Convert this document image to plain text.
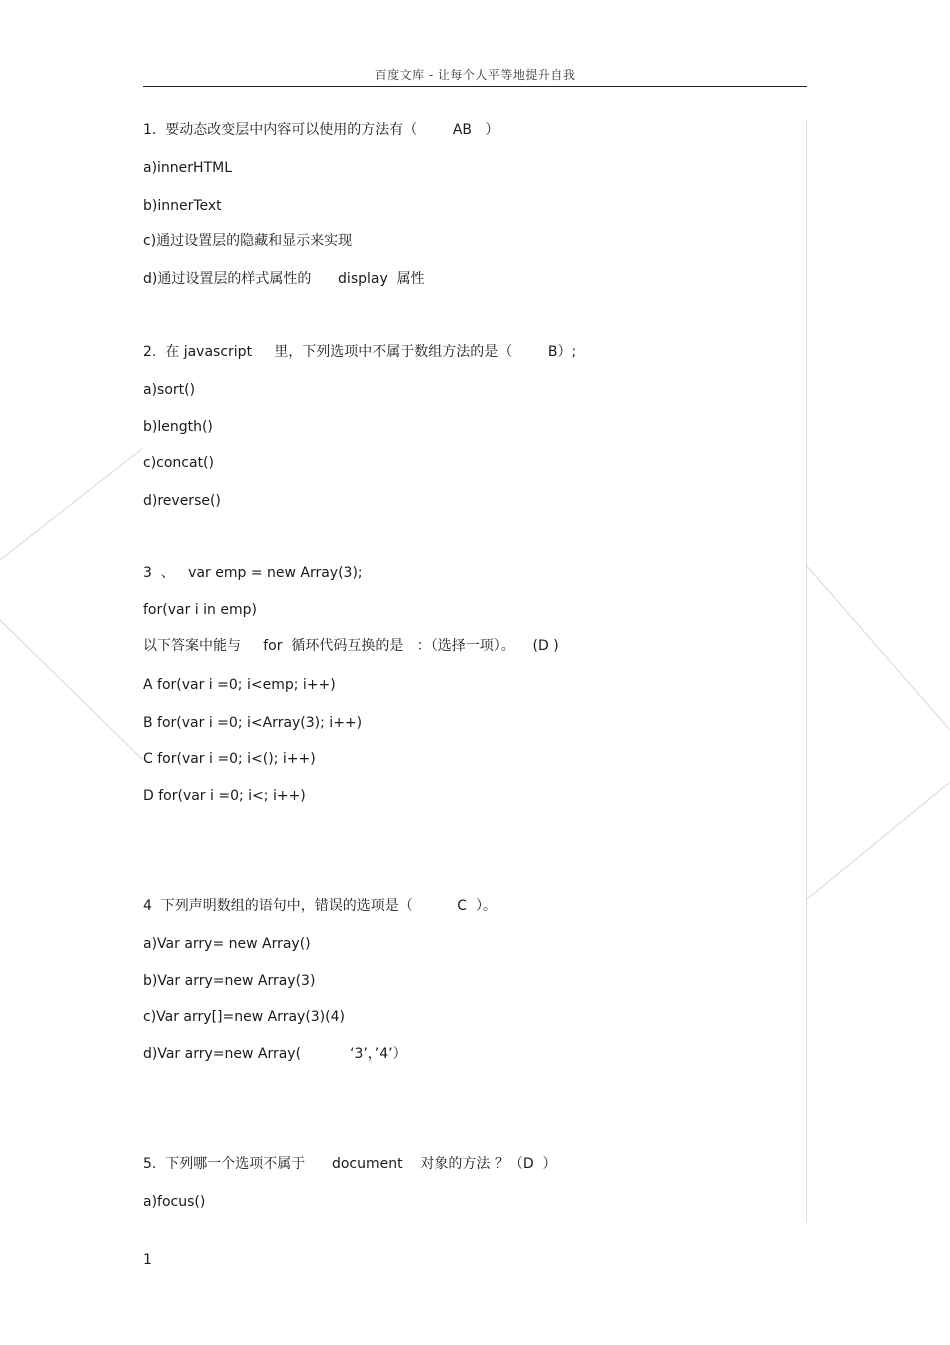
百度文库 - 让每个人平等地提升自我
1.  要动态改变层中内容可以使用的方法有（        AB   ）
a)innerHTML
b)innerText
c)通过设置层的隐藏和显示来实现
d)通过设置层的样式属性的      display  属性
2.  在 javascript     里，下列选项中不属于数组方法的是（        B）;
a)sort()
b)length()
c)concat()
d)reverse()
3  、   var emp = new Array(3);
for(var i in emp)
以下答案中能与     for  循环代码互换的是   ：（选择一项）。    (D )
A for(var i =0; i<emp; i++)
B for(var i =0; i<Array(3); i++)
C for(var i =0; i<(); i++)
D for(var i =0; i<; i++)
4  下列声明数组的语句中，错误的选项是（          C  ）。
a)Var arry= new Array()
b)Var arry=new Array(3)
c)Var arry[]=new Array(3)(4)
d)Var arry=new Array(           ‘3’，’4’）
5.  下列哪一个选项不属于      document    对象的方法 ？（D  ）
a)focus()
1
